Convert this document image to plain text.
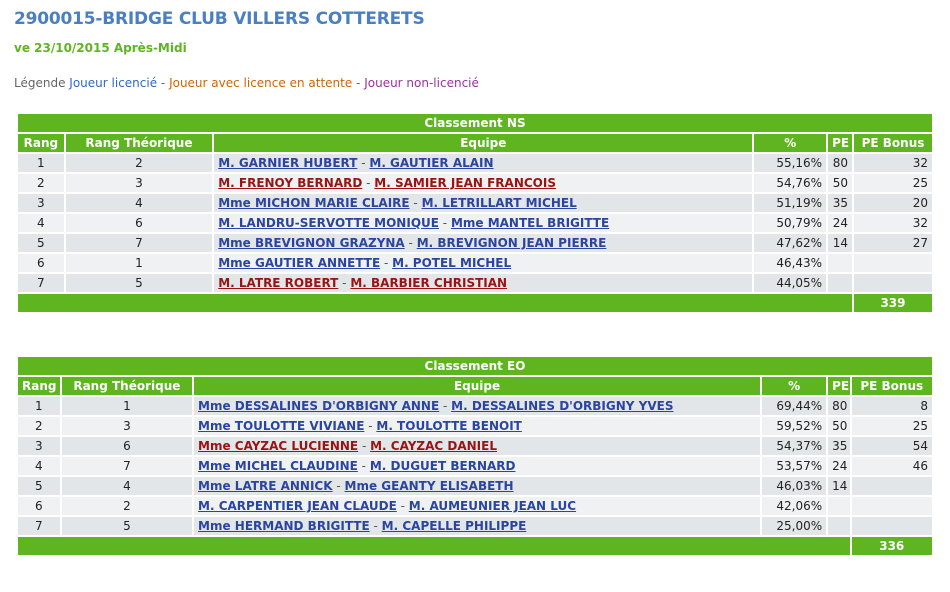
2900015-BRIDGE CLUB VILLERS COTTERETS
ve 23/10/2015 Après-Midi
Légende Joueur licencié - Joueur avec licence en attente - Joueur non-licencié
Classement NS					
Rang	Rang Théorique	Equipe	%	PE	PE Bonus
1	2	M. GARNIER HUBERT - M. GAUTIER ALAIN	55,16%	80	32
2	3	M. FRENOY BERNARD - M. SAMIER JEAN FRANCOIS	54,76%	50	25
3	4	Mme MICHON MARIE CLAIRE - M. LETRILLART MICHEL	51,19%	35	20
4	6	M. LANDRU-SERVOTTE MONIQUE - Mme MANTEL BRIGITTE	50,79%	24	32
5	7	Mme BREVIGNON GRAZYNA - M. BREVIGNON JEAN PIERRE	47,62%	14	27
6	1	Mme GAUTIER ANNETTE - M. POTEL MICHEL	46,43%		
7	5	M. LATRE ROBERT - M. BARBIER CHRISTIAN	44,05%		
					339
Classement EO					
Rang	Rang Théorique	Equipe	%	PE	PE Bonus
1	1	Mme DESSALINES D'ORBIGNY ANNE - M. DESSALINES D'ORBIGNY YVES	69,44%	80	8
2	3	Mme TOULOTTE VIVIANE - M. TOULOTTE BENOIT	59,52%	50	25
3	6	Mme CAYZAC LUCIENNE - M. CAYZAC DANIEL	54,37%	35	54
4	7	Mme MICHEL CLAUDINE - M. DUGUET BERNARD	53,57%	24	46
5	4	Mme LATRE ANNICK - Mme GEANTY ELISABETH	46,03%	14	
6	2	M. CARPENTIER JEAN CLAUDE - M. AUMEUNIER JEAN LUC	42,06%		
7	5	Mme HERMAND BRIGITTE - M. CAPELLE PHILIPPE	25,00%		
					336
